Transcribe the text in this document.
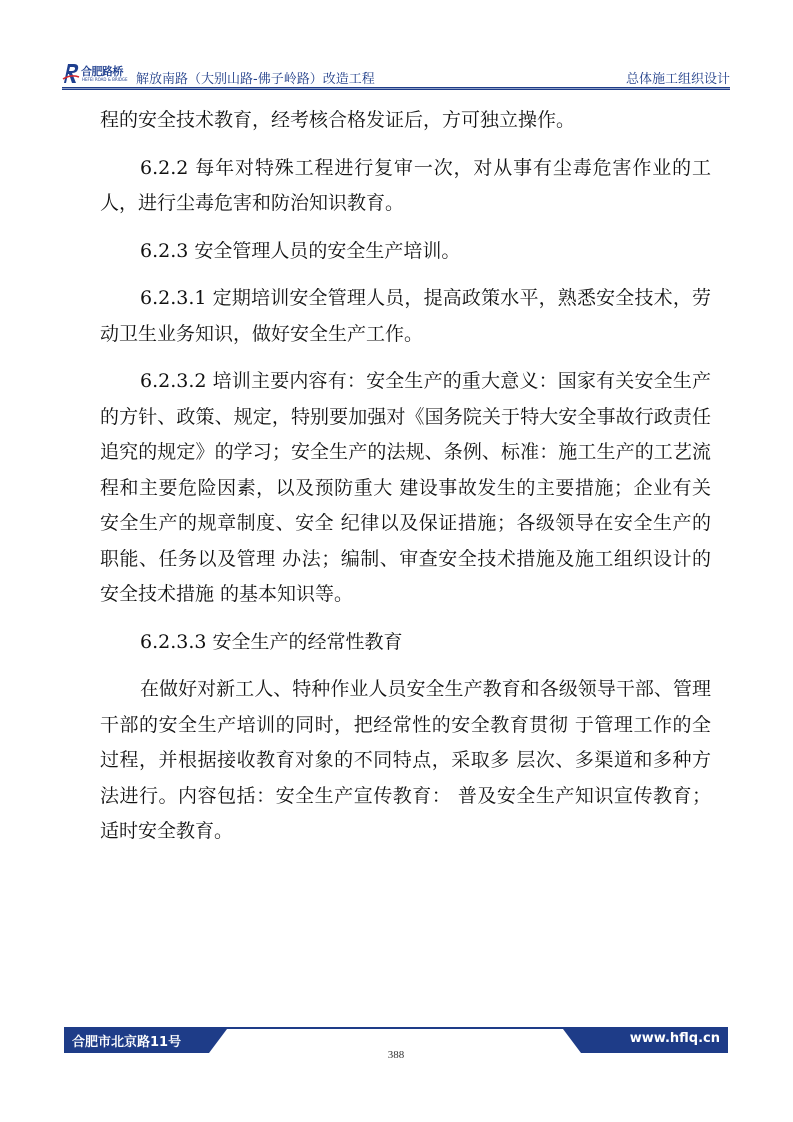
合肥路桥
HEFEI ROAD & BRIDGE 解放南路（大别山路-佛子岭路）改造工程	总体施工组织设计

程的安全技术教育，经考核合格发证后，方可独立操作。

6.2.2 每年对特殊工程进行复审一次，对从事有尘毒危害作业的工人，进行尘毒危害和防治知识教育。

6.2.3 安全管理人员的安全生产培训。

6.2.3.1 定期培训安全管理人员，提高政策水平，熟悉安全技术，劳动卫生业务知识，做好安全生产工作。

6.2.3.2 培训主要内容有：安全生产的重大意义：国家有关安全生产 的方针、政策、规定，特别要加强对《国务院关于特大安全事故行政责任追究的规定》的学习；安全生产的法规、条例、标准：施工生产的工艺流程和主要危险因素，以及预防重大 建设事故发生的主要措施；企业有关安全生产的规章制度、安全 纪律以及保证措施；各级领导在安全生产的职能、任务以及管理 办法；编制、审查安全技术措施及施工组织设计的安全技术措施 的基本知识等。

6.2.3.3 安全生产的经常性教育

在做好对新工人、特种作业人员安全生产教育和各级领导干部、管理干部的安全生产培训的同时，把经常性的安全教育贯彻 于管理工作的全过程，并根据接收教育对象的不同特点，采取多 层次、多渠道和多种方法进行。内容包括：安全生产宣传教育： 普及安全生产知识宣传教育；适时安全教育。

合肥市北京路11号	www.hflq.cn
388
